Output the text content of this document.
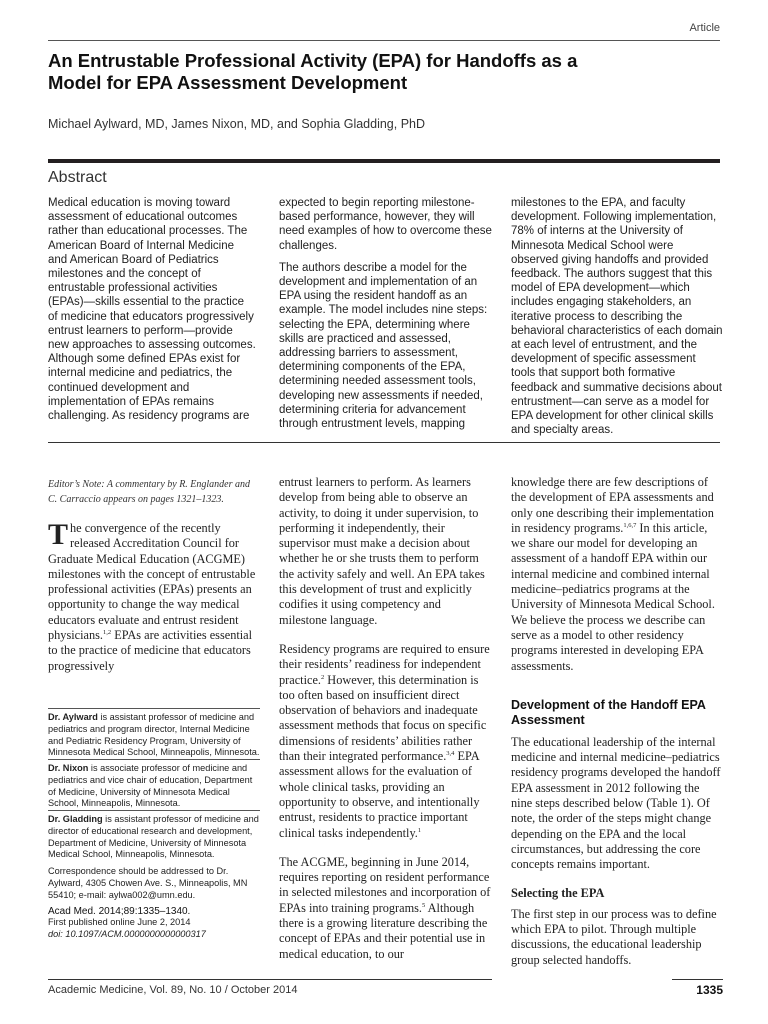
Article
An Entrustable Professional Activity (EPA) for Handoffs as a Model for EPA Assessment Development
Michael Aylward, MD, James Nixon, MD, and Sophia Gladding, PhD
Abstract

Medical education is moving toward assessment of educational outcomes rather than educational processes. The American Board of Internal Medicine and American Board of Pediatrics milestones and the concept of entrustable professional activities (EPAs)—skills essential to the practice of medicine that educators progressively entrust learners to perform—provide new approaches to assessing outcomes. Although some defined EPAs exist for internal medicine and pediatrics, the continued development and implementation of EPAs remains challenging. As residency programs are

expected to begin reporting milestone-based performance, however, they will need examples of how to overcome these challenges.

The authors describe a model for the development and implementation of an EPA using the resident handoff as an example. The model includes nine steps: selecting the EPA, determining where skills are practiced and assessed, addressing barriers to assessment, determining components of the EPA, determining needed assessment tools, developing new assessments if needed, determining criteria for advancement through entrustment levels, mapping

milestones to the EPA, and faculty development. Following implementation, 78% of interns at the University of Minnesota Medical School were observed giving handoffs and provided feedback. The authors suggest that this model of EPA development—which includes engaging stakeholders, an iterative process to describing the behavioral characteristics of each domain at each level of entrustment, and the development of specific assessment tools that support both formative feedback and summative decisions about entrustment—can serve as a model for EPA development for other clinical skills and specialty areas.

Editor’s Note: A commentary by R. Englander and C. Carraccio appears on pages 1321–1323.
The convergence of the recently released Accreditation Council for Graduate Medical Education (ACGME) milestones with the concept of entrustable professional activities (EPAs) presents an opportunity to change the way medical educators evaluate and entrust resident physicians.$^{1,2}$ EPAs are activities essential to the practice of medicine that educators progressively
Dr. Aylward is assistant professor of medicine and pediatrics and program director, Internal Medicine and Pediatric Residency Program, University of Minnesota Medical School, Minneapolis, Minnesota.
Dr. Nixon is associate professor of medicine and pediatrics and vice chair of education, Department of Medicine, University of Minnesota Medical School, Minneapolis, Minnesota.
Dr. Gladding is assistant professor of medicine and director of educational research and development, Department of Medicine, University of Minnesota Medical School, Minneapolis, Minnesota.
Correspondence should be addressed to Dr. Aylward, 4305 Chowen Ave. S., Minneapolis, MN 55410; e-mail: aylwa002@umn.edu.
Acad Med. 2014;89:1335–1340.
First published online June 2, 2014
doi: 10.1097/ACM.0000000000000317

entrust learners to perform. As learners develop from being able to observe an activity, to doing it under supervision, to performing it independently, their supervisor must make a decision about whether he or she trusts them to perform the activity safely and well. An EPA takes this development of trust and explicitly codifies it using competency and milestone language.

Residency programs are required to ensure their residents’ readiness for independent practice.$^2$ However, this determination is too often based on insufficient direct observation of behaviors and inadequate assessment methods that focus on specific dimensions of residents’ abilities rather than their integrated performance.$^{3,4}$ EPA assessment allows for the evaluation of whole clinical tasks, providing an opportunity to observe, and intentionally entrust, residents to practice important clinical tasks independently.$^1$

The ACGME, beginning in June 2014, requires reporting on resident performance in selected milestones and incorporation of EPAs into training programs.$^5$ Although there is a growing literature describing the concept of EPAs and their potential use in medical education, to our

knowledge there are few descriptions of the development of EPA assessments and only one describing their implementation in residency programs.$^{1,6,7}$ In this article, we share our model for developing an assessment of a handoff EPA within our internal medicine and combined internal medicine–pediatrics programs at the University of Minnesota Medical School. We believe the process we describe can serve as a model to other residency programs interested in developing EPA assessments.

Development of the Handoff EPA Assessment

The educational leadership of the internal medicine and internal medicine–pediatrics residency programs developed the handoff EPA assessment in 2012 following the nine steps described below (Table 1). Of note, the order of the steps might change depending on the EPA and the local circumstances, but addressing the core concepts remains important.

Selecting the EPA

The first step in our process was to define which EPA to pilot. Through multiple discussions, the educational leadership group selected handoffs.

Academic Medicine, Vol. 89, No. 10 / October 2014	1335
